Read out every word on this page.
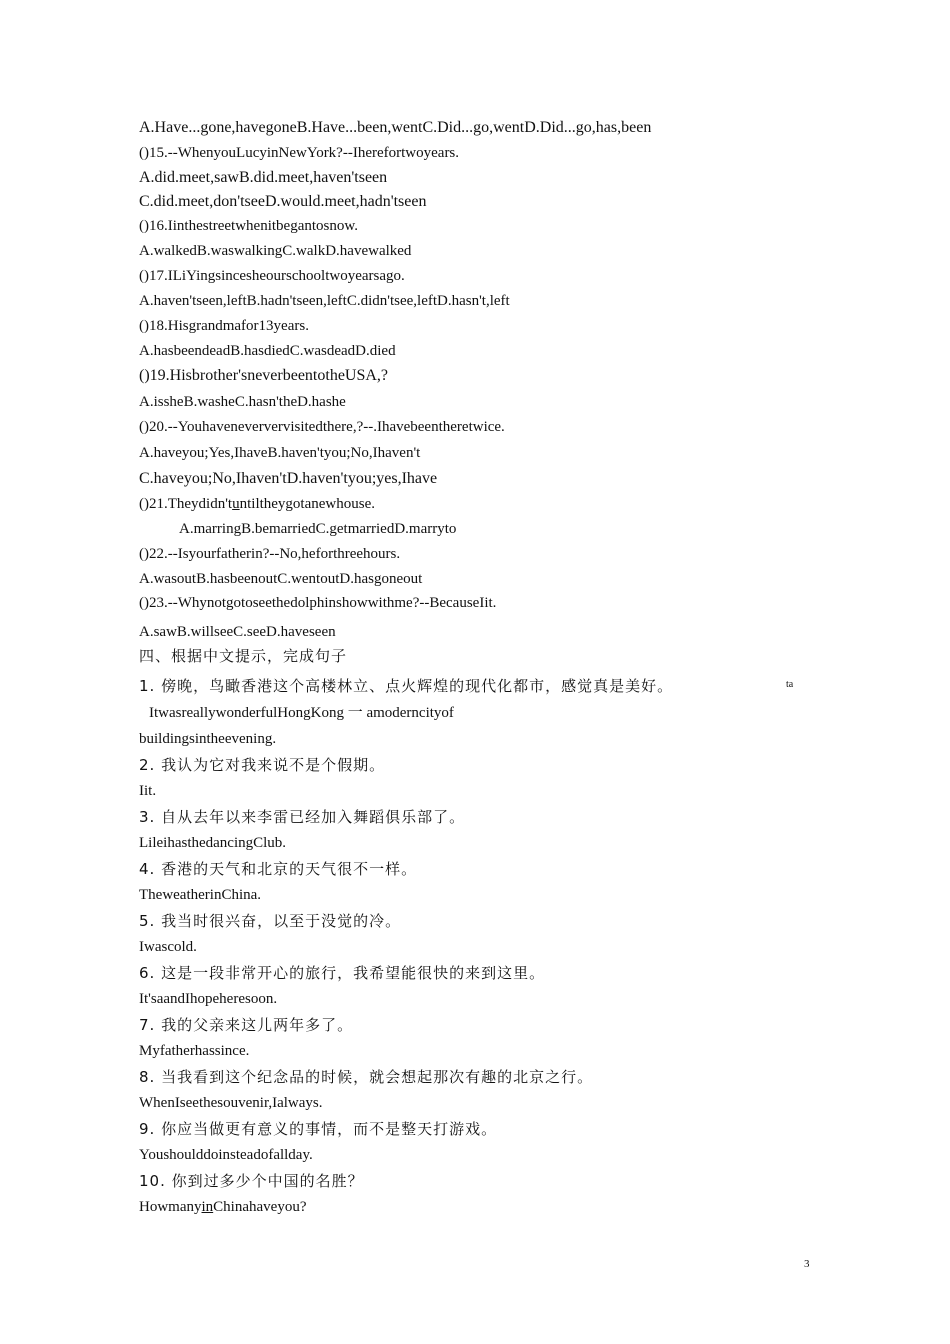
A.Have...gone,havegoneB.Have...been,wentC.Did...go,wentD.Did...go,has,been
()15.--WhenyouLucyinNewYork?--Iherefortwoyears.
A.did.meet,sawB.did.meet,haven'tseen
C.did.meet,don'tseeD.would.meet,hadn'tseen
()16.Iinthestreetwhenitbegantosnow.
A.walkedB.waswalkingC.walkD.havewalked
()17.ILiYingsincesheourschooltwoyearsago.
A.haven'tseen,leftB.hadn'tseen,leftC.didn'tsee,leftD.hasn't,left
()18.Hisgrandmafor13years.
A.hasbeendeadB.hasdiedC.wasdeadD.died
()19.Hisbrother'sneverbeentotheUSA,?
A.issheB.washeC.hasn'theD.hashe
()20.--Youhaveneververvisitedthere,?--.Ihavebeentheretwice.
A.haveyou;Yes,IhaveB.haven'tyou;No,Ihaven't
C.haveyou;No,Ihaven'tD.haven'tyou;yes,Ihave
()21.Theydidn'tuntiltheygotanewhouse.
A.marringB.bemarriedC.getmarriedD.marryto
()22.--Isyourfatherin?--No,heforthreehours.
A.wasoutB.hasbeenoutC.wentoutD.hasgoneout
()23.--Whynotgotoseethedolphinshowwithme?--BecauseIit.
A.sawB.willseeC.seeD.haveseen
四、根据中文提示，完成句子
1. 傍晚，鸟瞰香港这个高楼林立、点火辉煌的现代化都市，感觉真是美好。	ta
ItwasreallywonderfulHongKong 一 amoderncityof
buildingsintheevening.
2. 我认为它对我来说不是个假期。
Iit.
3. 自从去年以来李雷已经加入舞蹈俱乐部了。
LileihasthedancingClub.
4. 香港的天气和北京的天气很不一样。
TheweatherinChina.
5. 我当时很兴奋，以至于没觉的冷。
Iwascold.
6. 这是一段非常开心的旅行，我希望能很快的来到这里。
It'saandIhopeheresoon.
7. 我的父亲来这儿两年多了。
Myfatherhassince.
8. 当我看到这个纪念品的时候，就会想起那次有趣的北京之行。
WhenIseethesouvenir,Ialways.
9. 你应当做更有意义的事情，而不是整天打游戏。
Youshoulddoinsteadofallday.
10. 你到过多少个中国的名胜？
HowmanyinChinahaveyou?
3
